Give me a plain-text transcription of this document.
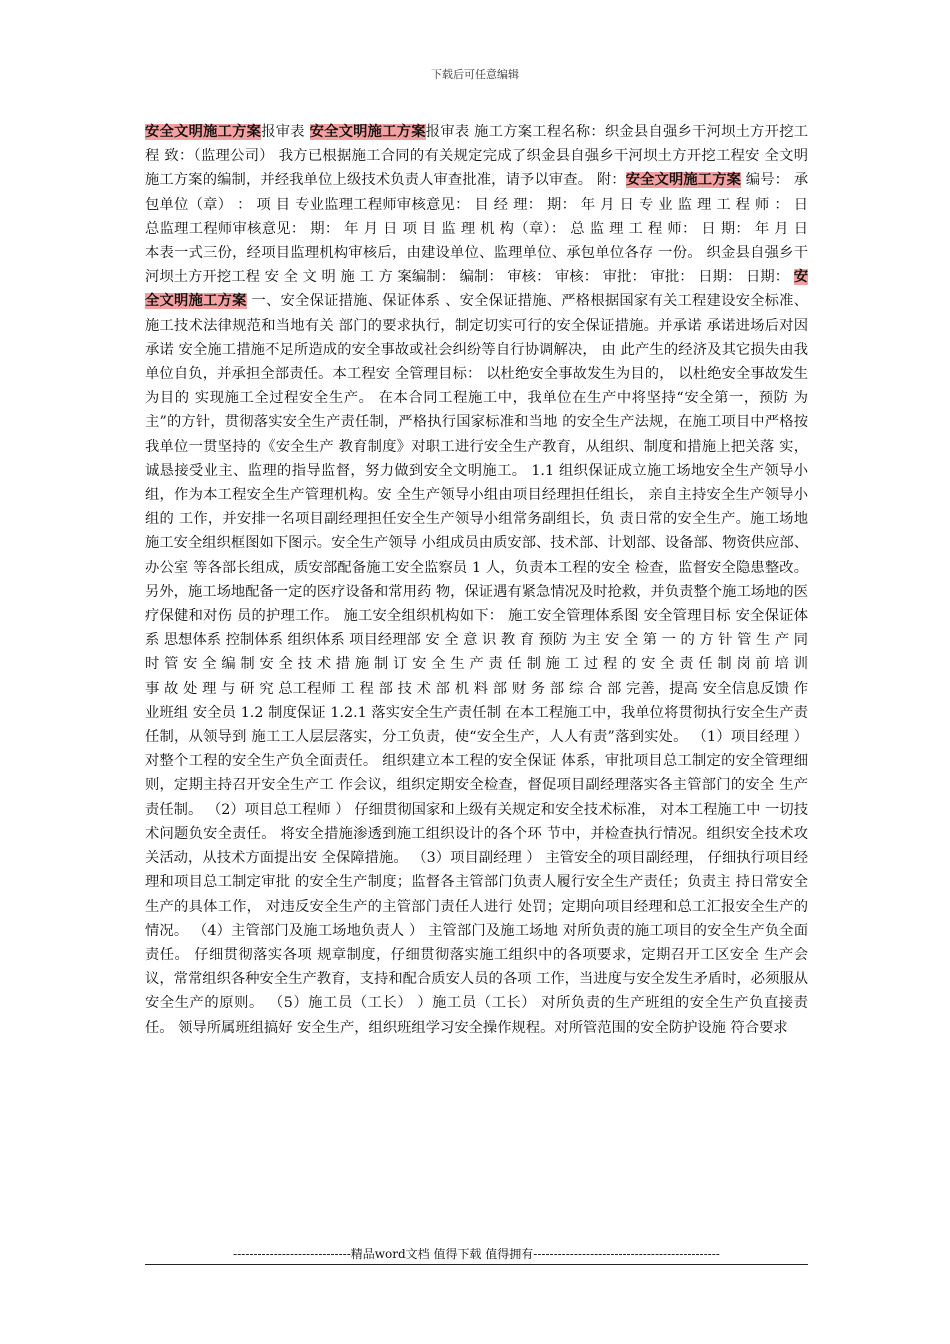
下载后可任意编辑

安全文明施工方案报审表 安全文明施工方案报审表 施工方案工程名称：织金县自强乡干河坝土方开挖工程 致：（监理公司） 我方已根据施工合同的有关规定完成了织金县自强乡干河坝土方开挖工程安 全文明施工方案的编制，并经我单位上级技术负责人审查批准，请予以审查。 附：安全文明施工方案 编号： 承包单位（章） ： 项 目 专业监理工程师审核意见： 目 经 理： 期： 年 月 日 专 业 监 理 工 程 师 ： 日 总监理工程师审核意见： 期： 年 月 日 项 目 监 理 机 构（章）： 总 监 理 工 程 师： 日 期： 年 月 日 本表一式三份，经项目监理机构审核后，由建设单位、监理单位、承包单位各存 一份。 织金县自强乡干河坝土方开挖工程 安 全 文 明 施 工 方 案编制： 编制： 审核： 审核： 审批： 审批： 日期： 日期： 安全文明施工方案 一、安全保证措施、保证体系 、安全保证措施、严格根据国家有关工程建设安全标准、 施工技术法律规范和当地有关 部门的要求执行，制定切实可行的安全保证措施。并承诺 承诺进场后对因 承诺 安全施工措施不足所造成的安全事故或社会纠纷等自行协调解决， 由 此产生的经济及其它损失由我单位自负，并承担全部责任。本工程安 全管理目标： 以杜绝安全事故发生为目的， 以杜绝安全事故发生为目的 实现施工全过程安全生产。 在本合同工程施工中，我单位在生产中将坚持“安全第一，预防 为主”的方针，贯彻落实安全生产责任制，严格执行国家标准和当地 的安全生产法规，在施工项目中严格按我单位一贯坚持的《安全生产 教育制度》对职工进行安全生产教育，从组织、制度和措施上把关落 实，诚恳接受业主、监理的指导监督，努力做到安全文明施工。 1.1 组织保证成立施工场地安全生产领导小组，作为本工程安全生产管理机构。安 全生产领导小组由项目经理担任组长， 亲自主持安全生产领导小组的 工作，并安排一名项目副经理担任安全生产领导小组常务副组长，负 责日常的安全生产。施工场地施工安全组织框图如下图示。安全生产领导 小组成员由质安部、技术部、计划部、设备部、物资供应部、办公室 等各部长组成，质安部配备施工安全监察员 1 人，负责本工程的安全 检查，监督安全隐患整改。另外，施工场地配备一定的医疗设备和常用药 物，保证遇有紧急情况及时抢救，并负责整个施工场地的医疗保健和对伤 员的护理工作。 施工安全组织机构如下： 施工安全管理体系图 安全管理目标 安全保证体系 思想体系 控制体系 组织体系 项目经理部 安 全 意 识 教 育 预防 为主 安 全 第 一 的 方 针 管 生 产 同 时 管 安 全 编 制 安 全 技 术 措 施 制 订 安 全 生 产 责 任 制 施 工 过 程 的 安 全 责 任 制 岗 前 培 训 事 故 处 理 与 研 究 总工程师 工 程 部 技 术 部 机 料 部 财 务 部 综 合 部 完善，提高 安全信息反馈 作业班组 安全员 1.2 制度保证 1.2.1 落实安全生产责任制 在本工程施工中，我单位将贯彻执行安全生产责任制，从领导到 施工工人层层落实，分工负责，使“安全生产，人人有责”落到实处。 （1）项目经理 ） 对整个工程的安全生产负全面责任。 组织建立本工程的安全保证 体系，审批项目总工制定的安全管理细则，定期主持召开安全生产工 作会议，组织定期安全检查，督促项目副经理落实各主管部门的安全 生产责任制。 （2）项目总工程师 ） 仔细贯彻国家和上级有关规定和安全技术标准， 对本工程施工中 一切技术问题负安全责任。 将安全措施渗透到施工组织设计的各个环 节中，并检查执行情况。组织安全技术攻关活动，从技术方面提出安 全保障措施。 （3）项目副经理 ） 主管安全的项目副经理， 仔细执行项目经理和项目总工制定审批 的安全生产制度；监督各主管部门负责人履行安全生产责任；负责主 持日常安全生产的具体工作， 对违反安全生产的主管部门责任人进行 处罚；定期向项目经理和总工汇报安全生产的情况。 （4）主管部门及施工场地负责人 ） 主管部门及施工场地 对所负责的施工项目的安全生产负全面责任。 仔细贯彻落实各项 规章制度，仔细贯彻落实施工组织中的各项要求，定期召开工区安全 生产会议，常常组织各种安全生产教育，支持和配合质安人员的各项 工作，当进度与安全发生矛盾时，必须服从安全生产的原则。 （5）施工员（工长） ）施工员（工长） 对所负责的生产班组的安全生产负直接责任。 领导所属班组搞好 安全生产，组织班组学习安全操作规程。对所管范围的安全防护设施 符合要求

-----------------------------精品word文档 值得下载 值得拥有----------------------------------------------
